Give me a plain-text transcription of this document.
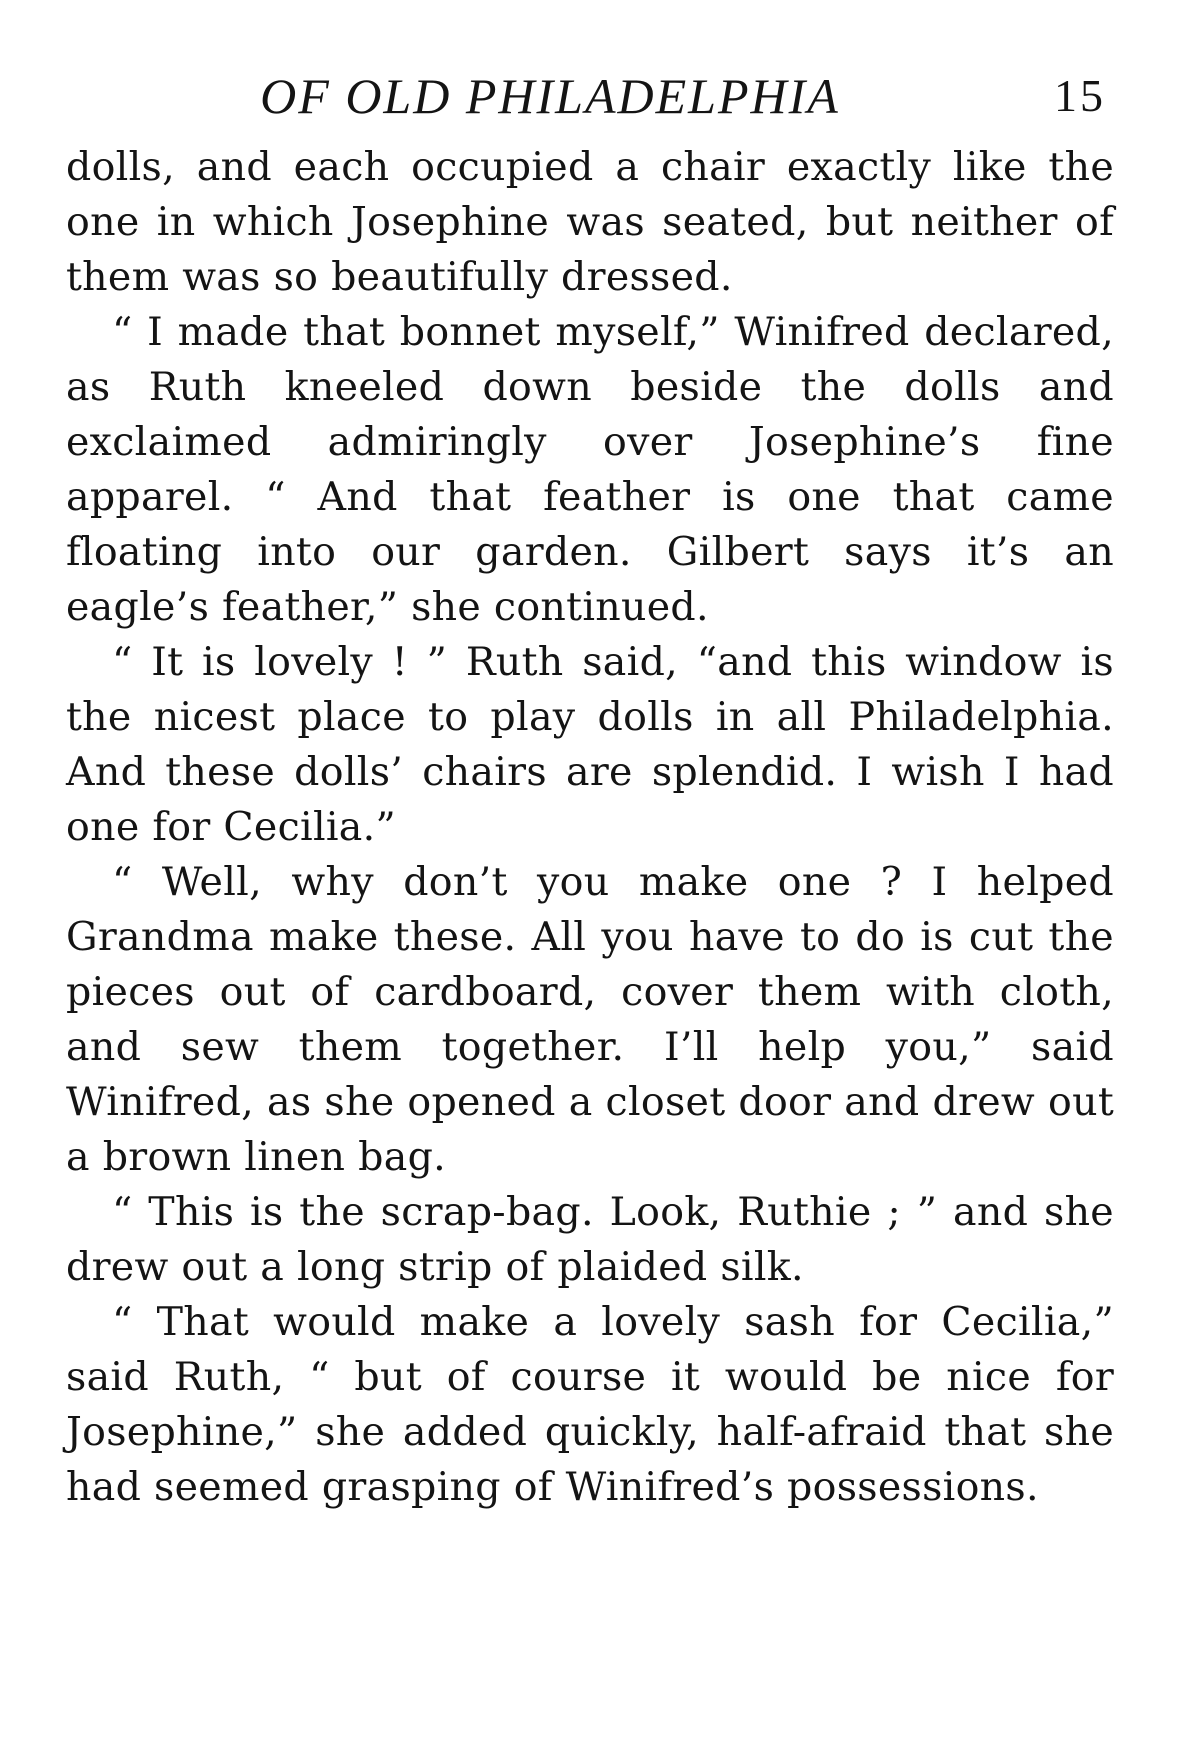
OF OLD PHILADELPHIA	15

dolls, and each occupied a chair exactly like the one in which Josephine was seated, but neither of them was so beautifully dressed.

“ I made that bonnet myself,” Winifred declared, as Ruth kneeled down beside the dolls and exclaimed admiringly over Josephine’s fine apparel. “ And that feather is one that came floating into our garden. Gilbert says it’s an eagle’s feather,” she continued.

“ It is lovely ! ” Ruth said, “and this window is the nicest place to play dolls in all Philadelphia. And these dolls’ chairs are splendid. I wish I had one for Cecilia.”

“ Well, why don’t you make one ? I helped Grandma make these. All you have to do is cut the pieces out of cardboard, cover them with cloth, and sew them together. I’ll help you,” said Winifred, as she opened a closet door and drew out a brown linen bag.

“ This is the scrap-bag. Look, Ruthie ; ” and she drew out a long strip of plaided silk.

“ That would make a lovely sash for Cecilia,” said Ruth, “ but of course it would be nice for Josephine,” she added quickly, half-afraid that she had seemed grasping of Winifred’s possessions.
